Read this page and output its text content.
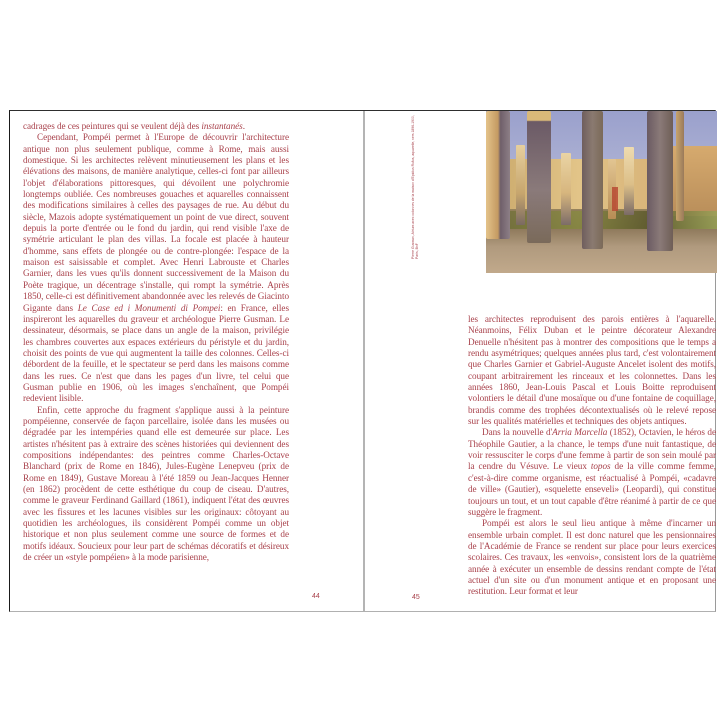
cadrages de ces peintures qui se veulent déjà des instantanés.

Cependant, Pompéi permet à l'Europe de découvrir l'architecture antique non plus seulement publique, comme à Rome, mais aussi domestique. Si les architectes relèvent minutieusement les plans et les élévations des maisons, de manière analytique, celles-ci font par ailleurs l'objet d'élaborations pittoresques, qui dévoilent une polychromie longtemps oubliée. Ces nombreuses gouaches et aquarelles connaissent des modifications similaires à celles des paysages de rue. Au début du siècle, Mazois adopte systématiquement un point de vue direct, souvent depuis la porte d'entrée ou le fond du jardin, qui rend visible l'axe de symétrie articulant le plan des villas. La focale est placée à hauteur d'homme, sans effets de plongée ou de contre-plongée: l'espace de la maison est saisissable et complet. Avec Henri Labrouste et Charles Garnier, dans les vues qu'ils donnent successivement de la Maison du Poète tragique, un décentrage s'installe, qui rompt la symétrie. Après 1850, celle-ci est définitivement abandonnée avec les relevés de Giacinto Gigante dans Le Case ed i Monumenti di Pompei: en France, elles inspireront les aquarelles du graveur et archéologue Pierre Gusman. Le dessinateur, désormais, se place dans un angle de la maison, privilégie les chambres couvertes aux espaces extérieurs du péristyle et du jardin, choisit des points de vue qui augmentent la taille des colonnes. Celles-ci débordent de la feuille, et le spectateur se perd dans les maisons comme dans les rues. Ce n'est que dans les pages d'un livre, tel celui que Gusman publie en 1906, où les images s'enchaînent, que Pompéi redevient lisible.

Enfin, cette approche du fragment s'applique aussi à la peinture pompéienne, conservée de façon parcellaire, isolée dans les musées ou dégradée par les intempéries quand elle est demeurée sur place. Les artistes n'hésitent pas à extraire des scènes historiées qui deviennent des compositions indépendantes: des peintres comme Charles-Octave Blanchard (prix de Rome en 1846), Jules-Eugène Lenepveu (prix de Rome en 1849), Gustave Moreau à l'été 1859 ou Jean-Jacques Henner (en 1862) procèdent de cette esthétique du coup de ciseau. D'autres, comme le graveur Ferdinand Gaillard (1861), indiquent l'état des œuvres avec les fissures et les lacunes visibles sur les originaux: côtoyant au quotidien les archéologues, ils considèrent Pompéi comme un objet historique et non plus seulement comme une source de formes et de motifs idéaux. Soucieux pour leur part de schémas décoratifs et désireux de créer un «style pompéien» à la mode parisienne,

44
Pierre Gusman, Atrium avec colonnes de la maison d'Epidius Rufus, aquarelle, vers 1896-1900, Paris, BnF

les architectes reproduisent des parois entières à l'aquarelle. Néanmoins, Félix Duban et le peintre décorateur Alexandre Denuelle n'hésitent pas à montrer des compositions que le temps a rendu asymétriques; quelques années plus tard, c'est volontairement que Charles Garnier et Gabriel-Auguste Ancelet isolent des motifs, coupant arbitrairement les rinceaux et les colonnettes. Dans les années 1860, Jean-Louis Pascal et Louis Boitte reproduisent volontiers le détail d'une mosaïque ou d'une fontaine de coquillage, brandis comme des trophées décontextualisés où le relevé repose sur les qualités matérielles et techniques des objets antiques.

Dans la nouvelle d'Arria Marcella (1852), Octavien, le héros de Théophile Gautier, a la chance, le temps d'une nuit fantastique, de voir ressusciter le corps d'une femme à partir de son sein moulé par la cendre du Vésuve. Le vieux topos de la ville comme femme, c'est-à-dire comme organisme, est réactualisé à Pompéi, «cadavre de ville» (Gautier), «squelette enseveli» (Leopardi), qui constitue toujours un tout, et un tout capable d'être réanimé à partir de ce que suggère le fragment.

Pompéi est alors le seul lieu antique à même d'incarner un ensemble urbain complet. Il est donc naturel que les pensionnaires de l'Académie de France se rendent sur place pour leurs exercices scolaires. Ces travaux, les «envois», consistent lors de la quatrième année à exécuter un ensemble de dessins rendant compte de l'état actuel d'un site ou d'un monument antique et en proposant une restitution. Leur format et leur

45
